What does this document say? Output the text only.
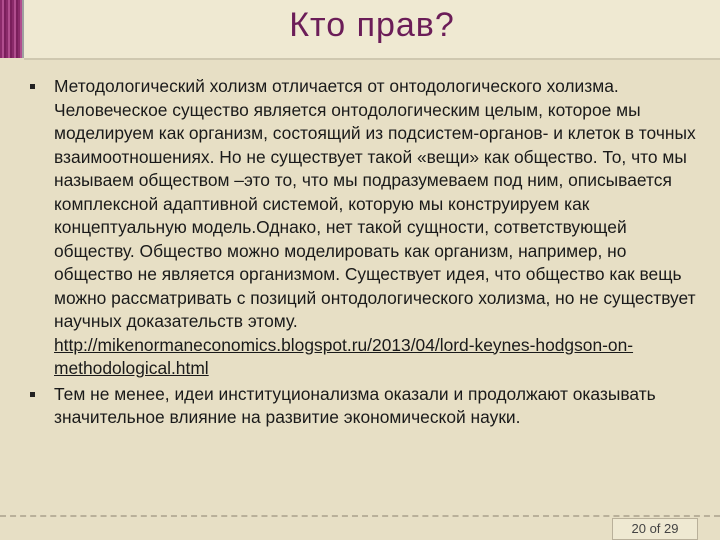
Кто прав?
Методологический холизм отличается от онтодологического холизма. Человеческое существо является онтодологическим целым, которое мы моделируем как организм, состоящий из подсистем-органов- и клеток в точных взаимоотношениях. Но не существует такой «вещи» как общество. То, что мы называем обществом –это то, что мы подразумеваем под ним, описывается комплексной адаптивной системой, которую мы конструируем как концептуальную модель.Однако, нет такой сущности, сответствующей обществу. Общество можно моделировать как организм, например, но общество не является организмом. Существует идея, что общество как вещь можно рассматривать с позиций онтодологического холизма, но не существует научных доказательств этому. http://mikenormaneconomics.blogspot.ru/2013/04/lord-keynes-hodgson-on-methodological.html
Тем не менее, идеи институционализма оказали и продолжают оказывать значительное влияние на развитие экономической науки.
20 of 29
